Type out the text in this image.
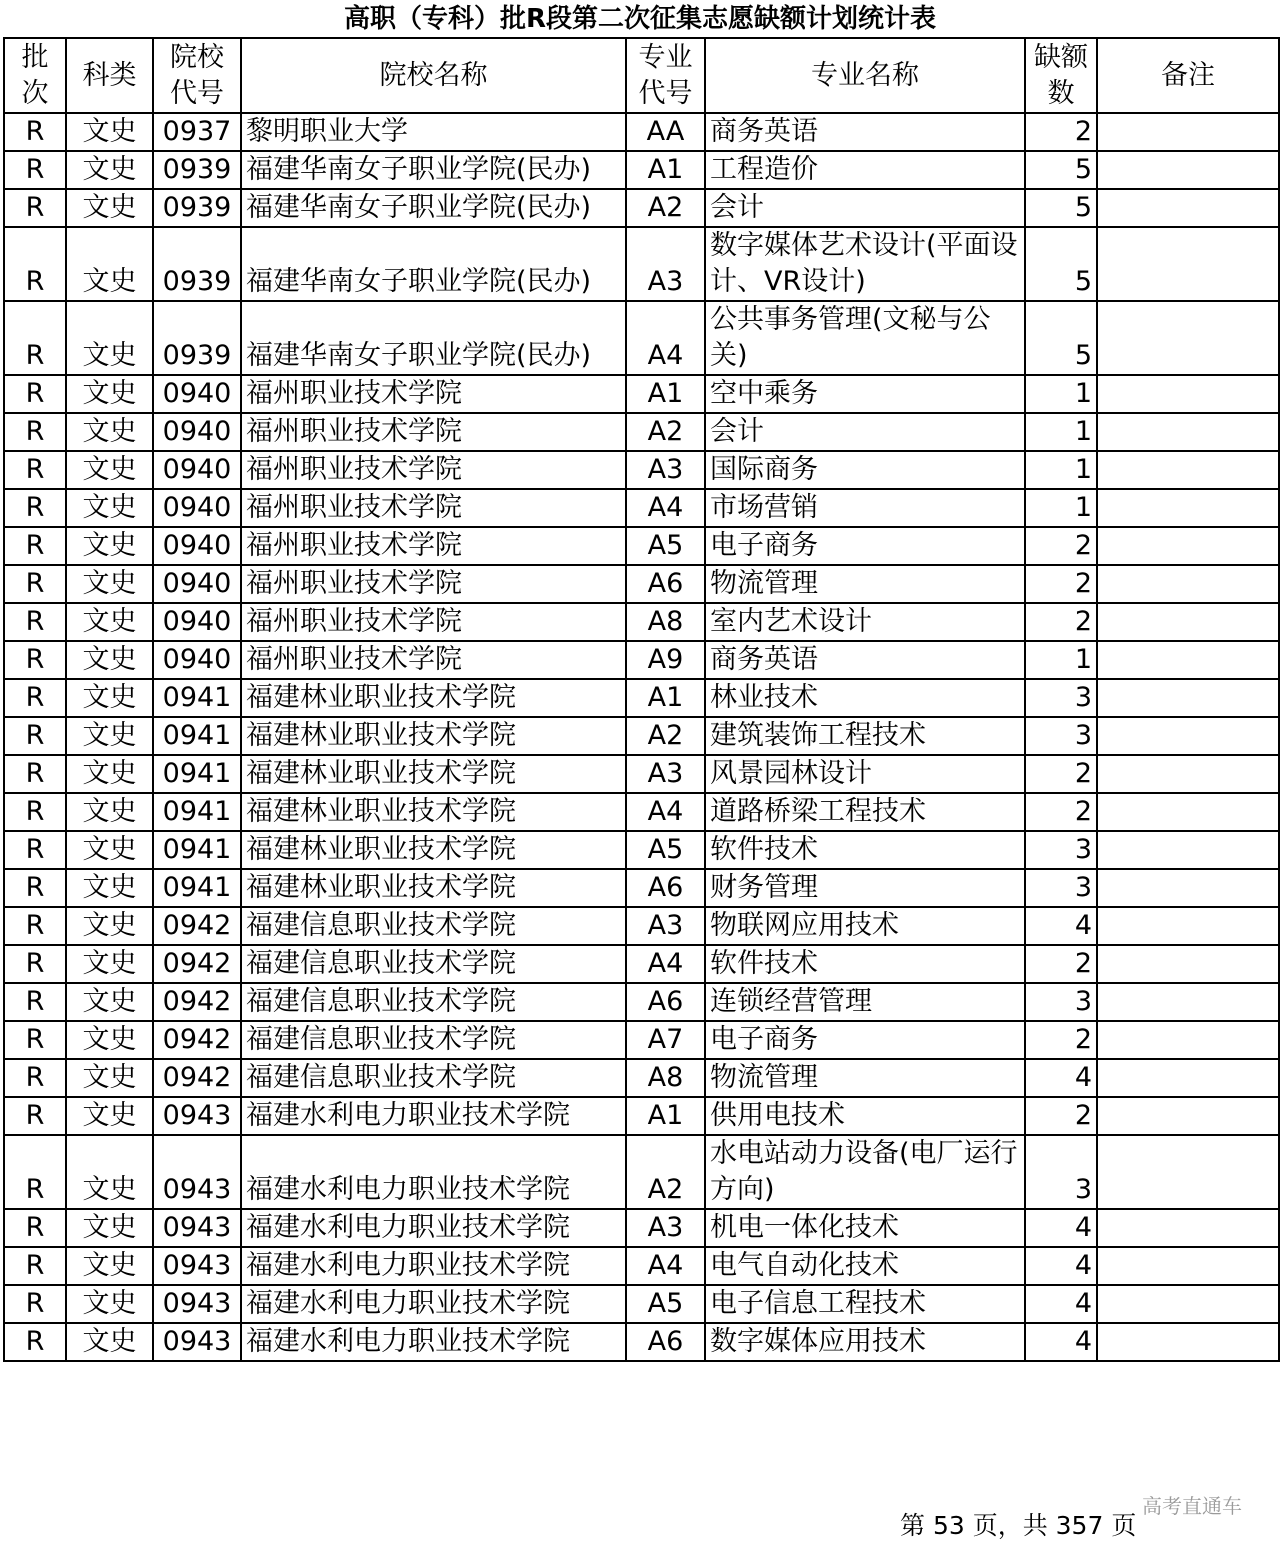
高职（专科）批R段第二次征集志愿缺额计划统计表
批次	科类	院校代号	院校名称	专业代号	专业名称	缺额数	备注
R	文史	0937	黎明职业大学	AA	商务英语	2	
R	文史	0939	福建华南女子职业学院(民办)	A1	工程造价	5	
R	文史	0939	福建华南女子职业学院(民办)	A2	会计	5	
R	文史	0939	福建华南女子职业学院(民办)	A3	数字媒体艺术设计(平面设计、VR设计)	5	
R	文史	0939	福建华南女子职业学院(民办)	A4	公共事务管理(文秘与公关)	5	
R	文史	0940	福州职业技术学院	A1	空中乘务	1	
R	文史	0940	福州职业技术学院	A2	会计	1	
R	文史	0940	福州职业技术学院	A3	国际商务	1	
R	文史	0940	福州职业技术学院	A4	市场营销	1	
R	文史	0940	福州职业技术学院	A5	电子商务	2	
R	文史	0940	福州职业技术学院	A6	物流管理	2	
R	文史	0940	福州职业技术学院	A8	室内艺术设计	2	
R	文史	0940	福州职业技术学院	A9	商务英语	1	
R	文史	0941	福建林业职业技术学院	A1	林业技术	3	
R	文史	0941	福建林业职业技术学院	A2	建筑装饰工程技术	3	
R	文史	0941	福建林业职业技术学院	A3	风景园林设计	2	
R	文史	0941	福建林业职业技术学院	A4	道路桥梁工程技术	2	
R	文史	0941	福建林业职业技术学院	A5	软件技术	3	
R	文史	0941	福建林业职业技术学院	A6	财务管理	3	
R	文史	0942	福建信息职业技术学院	A3	物联网应用技术	4	
R	文史	0942	福建信息职业技术学院	A4	软件技术	2	
R	文史	0942	福建信息职业技术学院	A6	连锁经营管理	3	
R	文史	0942	福建信息职业技术学院	A7	电子商务	2	
R	文史	0942	福建信息职业技术学院	A8	物流管理	4	
R	文史	0943	福建水利电力职业技术学院	A1	供用电技术	2	
R	文史	0943	福建水利电力职业技术学院	A2	水电站动力设备(电厂运行方向)	3	
R	文史	0943	福建水利电力职业技术学院	A3	机电一体化技术	4	
R	文史	0943	福建水利电力职业技术学院	A4	电气自动化技术	4	
R	文史	0943	福建水利电力职业技术学院	A5	电子信息工程技术	4	
R	文史	0943	福建水利电力职业技术学院	A6	数字媒体应用技术	4	
第 53 页，共 357 页
高考直通车
